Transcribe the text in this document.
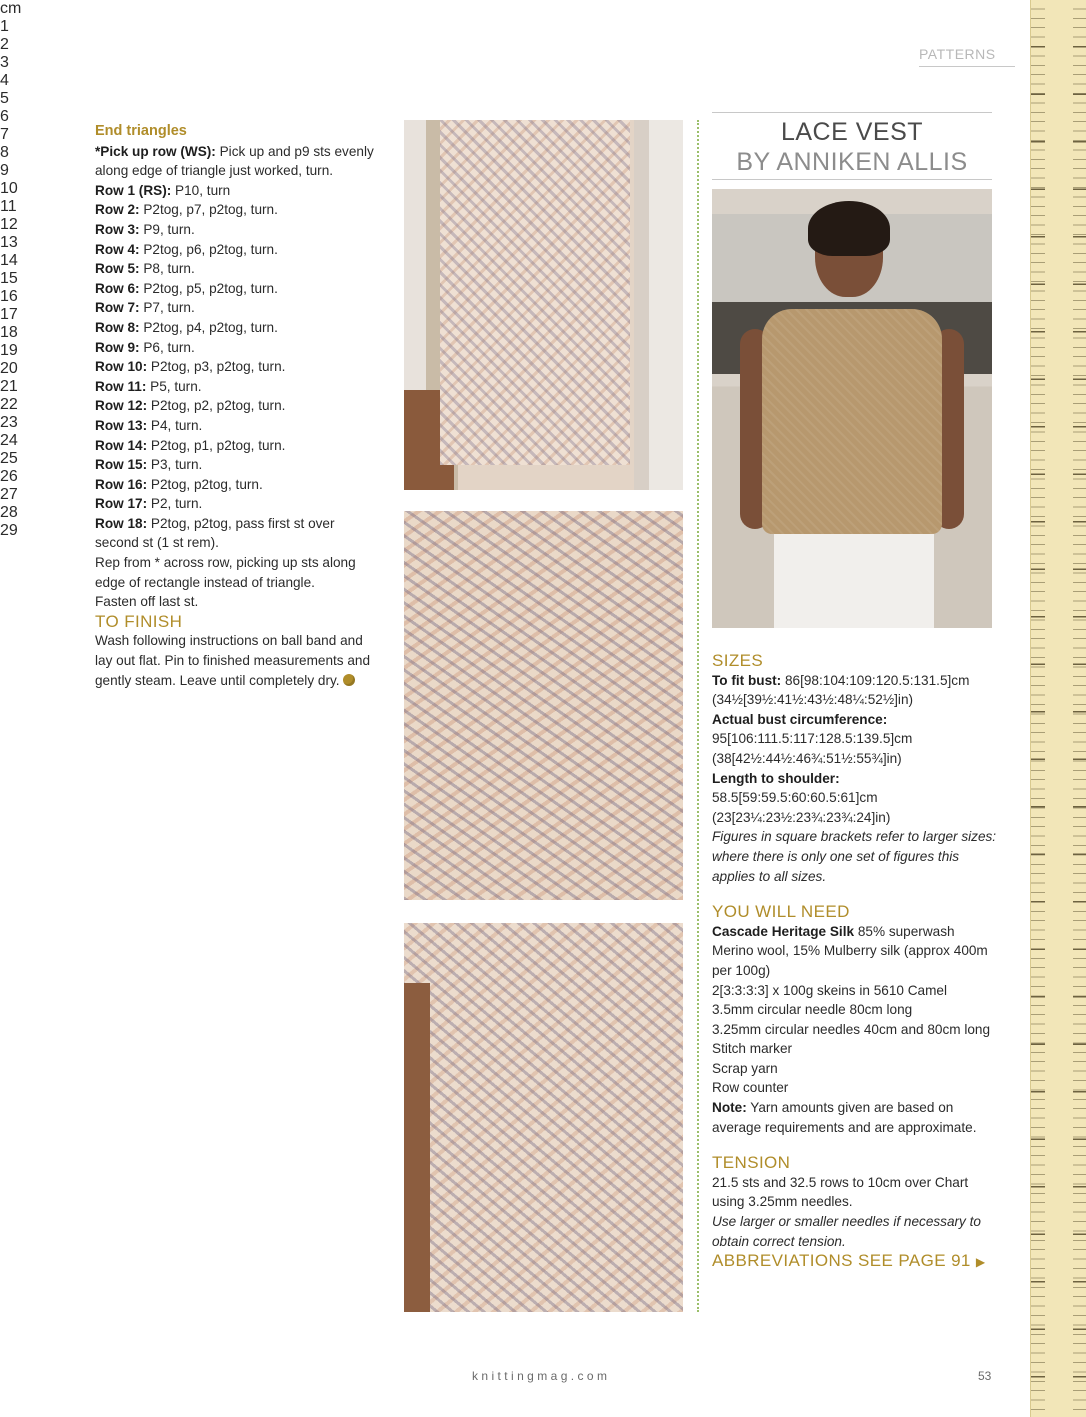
PATTERNS

End triangles

*Pick up row (WS): Pick up and p9 sts evenly along edge of triangle just worked, turn.

Row 1 (RS): P10, turn

Row 2: P2tog, p7, p2tog, turn.

Row 3: P9, turn.

Row 4: P2tog, p6, p2tog, turn.

Row 5: P8, turn.

Row 6: P2tog, p5, p2tog, turn.

Row 7: P7, turn.

Row 8: P2tog, p4, p2tog, turn.

Row 9: P6, turn.

Row 10: P2tog, p3, p2tog, turn.

Row 11: P5, turn.

Row 12: P2tog, p2, p2tog, turn.

Row 13: P4, turn.

Row 14: P2tog, p1, p2tog, turn.

Row 15: P3, turn.

Row 16: P2tog, p2tog, turn.

Row 17: P2, turn.

Row 18: P2tog, p2tog, pass first st over second st (1 st rem).

Rep from * across row, picking up sts along edge of rectangle instead of triangle.

Fasten off last st.

TO FINISH

Wash following instructions on ball band and lay out flat. Pin to finished measurements and gently steam. Leave until completely dry.

LACE VEST
BY ANNIKEN ALLIS

SIZES

To fit bust: 86[98:104:109:120.5:131.5]cm (34½[39½:41½:43½:48¼:52½]in)

Actual bust circumference:

95[106:111.5:117:128.5:139.5]cm (38[42½:44½:46¾:51½:55¾]in)

Length to shoulder:

58.5[59:59.5:60:60.5:61]cm (23[23¼:23½:23¾:23¾:24]in)

Figures in square brackets refer to larger sizes: where there is only one set of figures this applies to all sizes.

YOU WILL NEED

Cascade Heritage Silk 85% superwash Merino wool, 15% Mulberry silk (approx 400m per 100g)

2[3:3:3:3] x 100g skeins in 5610 Camel

3.5mm circular needle 80cm long

3.25mm circular needles 40cm and 80cm long

Stitch marker

Scrap yarn

Row counter

Note: Yarn amounts given are based on average requirements and are approximate.

TENSION

21.5 sts and 32.5 rows to 10cm over Chart using 3.25mm needles.

Use larger or smaller needles if necessary to obtain correct tension.

ABBREVIATIONS SEE PAGE 91 ▶

knittingmag.com	53
cm
1
2
3
4
5
6
7
8
9
10
11
12
13
14
15
16
17
18
19
20
21
22
23
24
25
26
27
28
29
